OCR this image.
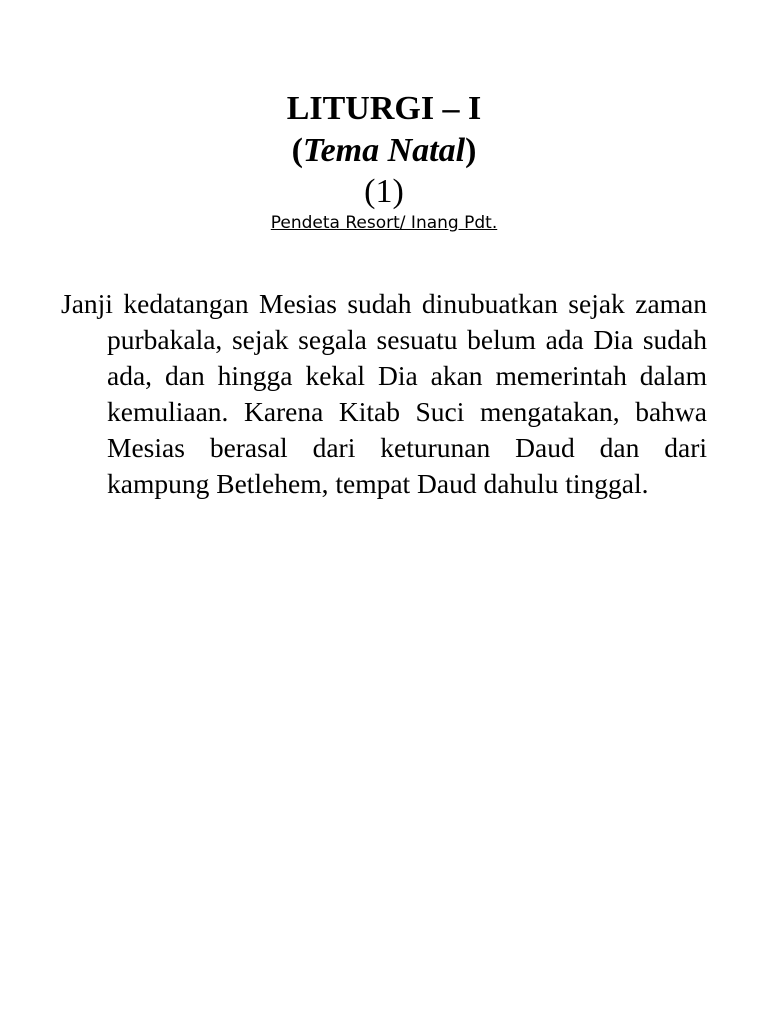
LITURGI – I

(Tema Natal)

(1)

Pendeta Resort/ Inang Pdt.

Janji kedatangan Mesias sudah dinubuatkan sejak zaman purbakala, sejak segala sesuatu belum ada Dia sudah ada, dan hingga kekal Dia akan memerintah dalam kemuliaan. Karena Kitab Suci mengatakan, bahwa Mesias berasal dari keturunan Daud dan dari kampung Betlehem, tempat Daud dahulu tinggal.
